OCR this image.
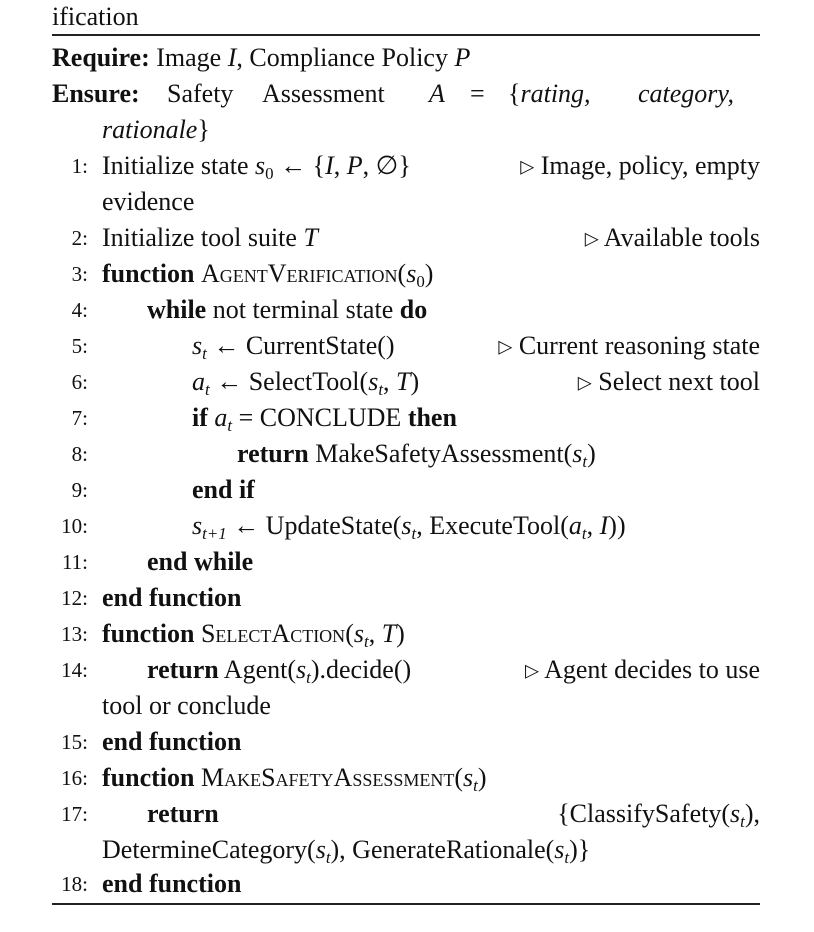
ification
Require: Image I, Compliance Policy P
Ensure: Safety Assessment A = {rating, category,
rationale}
1: Initialize state $s_0$ ← {I, P, ∅}	▷ Image, policy, empty
evidence
2: Initialize tool suite T	▷ Available tools
3: function $AgentVerification(s_0)$
4: while not terminal state do
5:	$s_t$ ← CurrentState()	▷ Current reasoning state
6:	$a_t$ ← $SelectTool(s_t$, T)	▷ Select next tool
7:	if $a_t$ = CONCLUDE then
8:	return $MakeSafetyAssessment(s_t)$
9:	end if
10:	$s_{t+1}$ ← $UpdateState(s_t$, $ExecuteTool(a_t$, I))
11: end while
12: end function
13: function $SelectAction(s_t$, T)
14: return $Agent(s_t).decide()$	▷ Agent decides to use
tool or conclude
15: end function
16: function $MakeSafetyAssessment(s_t)$
17: return	{$ClassifySafety(s_t)$,
$DetermineCategory(s_t)$, $GenerateRationale(s_t)$}
18: end function
